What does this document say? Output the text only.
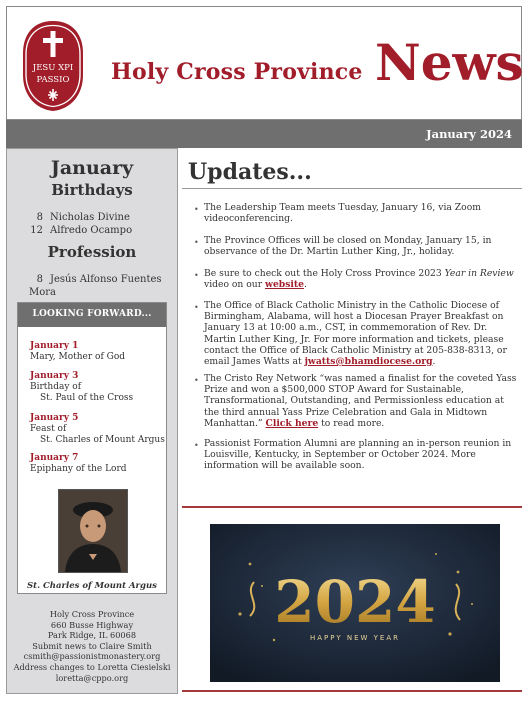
JESU XPI
PASSIO Holy Cross Province News
January 2024
January
Birthdays
8 Nicholas Divine
12 Alfredo Ocampo
Profession
8 Jesús Alfonso Fuentes Mora
LOOKING FORWARD...
January 1
Mary, Mother of God
January 3
Birthday of
St. Paul of the Cross
January 5
Feast of
St. Charles of Mount Argus
January 7
Epiphany of the Lord
St. Charles of Mount Argus
Holy Cross Province
660 Busse Highway
Park Ridge, IL 60068
Submit news to Claire Smith
csmith@passionistmonastery.org
Address changes to Loretta Ciesielski
loretta@cppo.org
Updates...
• The Leadership Team meets Tuesday, January 16, via Zoom videoconferencing.
• The Province Offices will be closed on Monday, January 15, in observance of the Dr. Martin Luther King, Jr., holiday.
• Be sure to check out the Holy Cross Province 2023 Year in Review video on our website.
• The Office of Black Catholic Ministry in the Catholic Diocese of Birmingham, Alabama, will host a Diocesan Prayer Breakfast on January 13 at 10:00 a.m., CST, in commemoration of Rev. Dr. Martin Luther King, Jr. For more information and tickets, please contact the Office of Black Catholic Ministry at 205-838-8313, or email James Watts at jwatts@bhamdiocese.org.
• The Cristo Rey Network “was named a finalist for the coveted Yass Prize and won a $500,000 STOP Award for Sustainable, Transformational, Outstanding, and Permissionless education at the third annual Yass Prize Celebration and Gala in Midtown Manhattan.” Click here to read more.
• Passionist Formation Alumni are planning an in-person reunion in Louisville, Kentucky, in September or October 2024. More information will be available soon.
2024
HAPPY NEW YEAR
